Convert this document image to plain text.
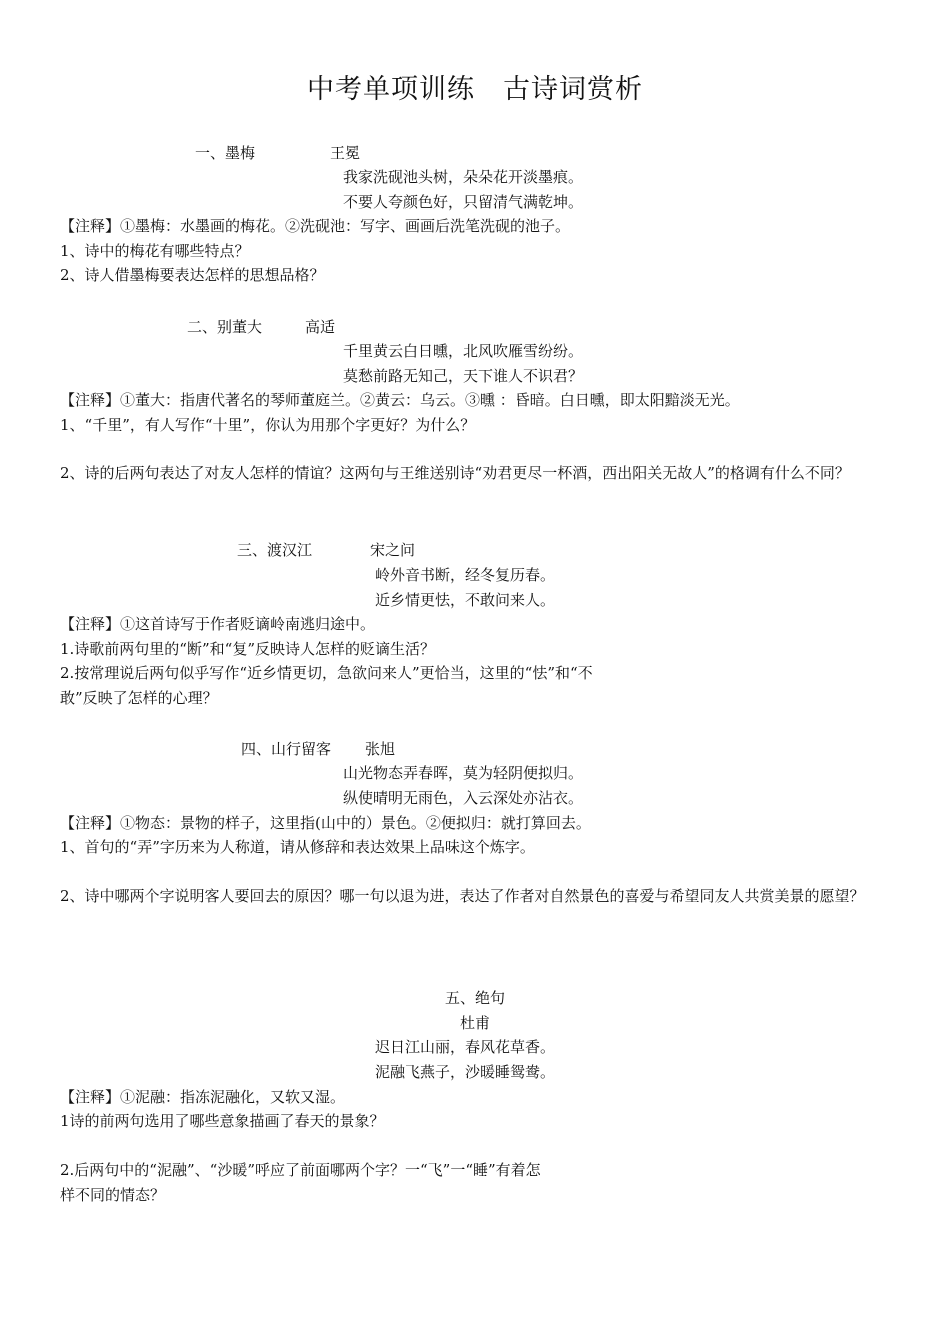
中考单项训练　古诗词赏析
一、墨梅	王冕
我家洗砚池头树，朵朵花开淡墨痕。
不要人夸颜色好，只留清气满乾坤。
【注释】①墨梅：水墨画的梅花。②洗砚池：写字、画画后洗笔洗砚的池子。
1、诗中的梅花有哪些特点？
2、诗人借墨梅要表达怎样的思想品格？
二、别董大	高适
千里黄云白日曛，北风吹雁雪纷纷。
莫愁前路无知己，天下谁人不识君？
【注释】①董大：指唐代著名的琴师董庭兰。②黄云：乌云。③曛 ：昏暗。白日曛，即太阳黯淡无光。
1、“千里”，有人写作“十里”，你认为用那个字更好？为什么？
2、诗的后两句表达了对友人怎样的情谊？这两句与王维送别诗“劝君更尽一杯酒，西出阳关无故人”的格调有什么不同？
三、渡汉江	宋之问
岭外音书断，经冬复历春。
近乡情更怯，不敢问来人。
【注释】①这首诗写于作者贬谪岭南逃归途中。
1.诗歌前两句里的“断”和“复”反映诗人怎样的贬谪生活？
2.按常理说后两句似乎写作“近乡情更切，急欲问来人”更恰当，这里的“怯”和“不
敢”反映了怎样的心理？
四、山行留客 张旭
山光物态弄春晖，莫为轻阴便拟归。
纵使晴明无雨色，入云深处亦沾衣。
【注释】①物态：景物的样子，这里指(山中的）景色。②便拟归：就打算回去。
1、首句的“弄”字历来为人称道，请从修辞和表达效果上品味这个炼字。
2、诗中哪两个字说明客人要回去的原因？哪一句以退为进，表达了作者对自然景色的喜爱与希望同友人共赏美景的愿望？
五、绝句
杜甫
迟日江山丽，春风花草香。
泥融飞燕子，沙暖睡鸳鸯。
【注释】①泥融：指冻泥融化，又软又湿。
1诗的前两句选用了哪些意象描画了春天的景象？
2.后两句中的“泥融”、“沙暖”呼应了前面哪两个字？一“飞”一“睡”有着怎
样不同的情态？
